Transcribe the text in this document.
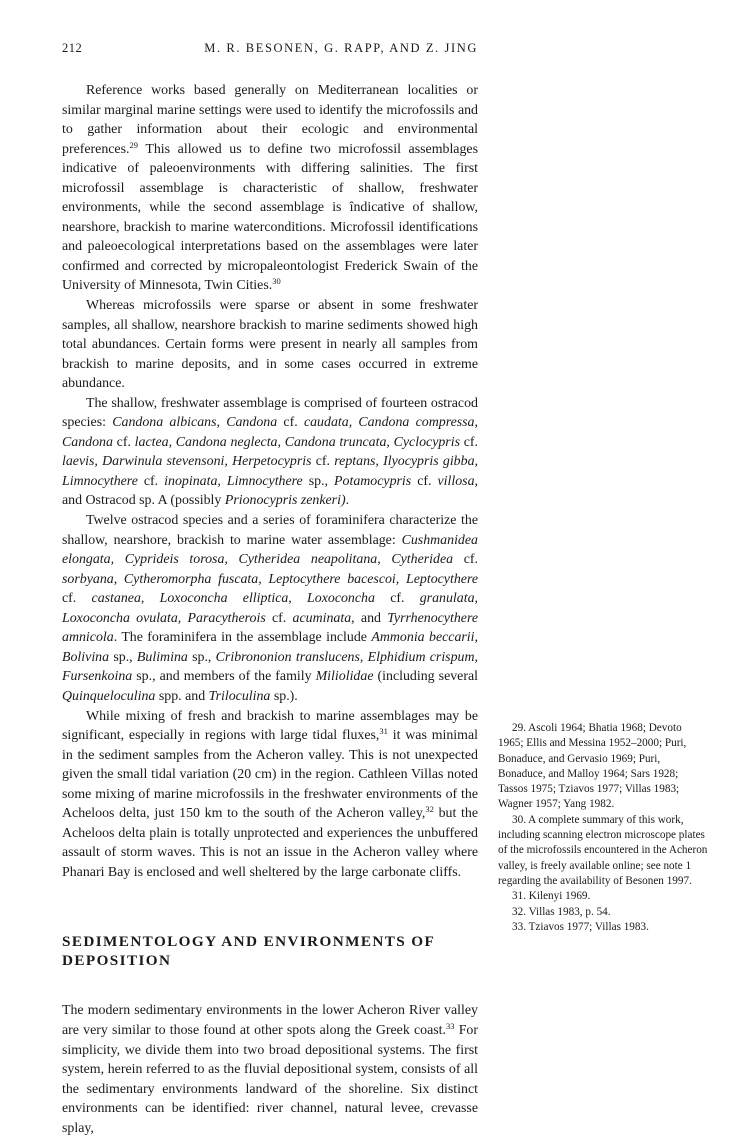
212	M. R. BESONEN, G. RAPP, AND Z. JING

Reference works based generally on Mediterranean localities or similar marginal marine settings were used to identify the microfossils and to gather information about their ecologic and environmental preferences.$^{29}$ This allowed us to define two microfossil assemblages indicative of paleoenvironments with differing salinities. The first microfossil assemblage is characteristic of shallow, freshwater environments, while the second assemblage is îndicative of shallow, nearshore, brackish to marine waterconditions. Microfossil identifications and paleoecological interpretations based on the assemblages were later confirmed and corrected by micropaleontologist Frederick Swain of the University of Minnesota, Twin Cities.$^{30}$

Whereas microfossils were sparse or absent in some freshwater samples, all shallow, nearshore brackish to marine sediments showed high total abundances. Certain forms were present in nearly all samples from brackish to marine deposits, and in some cases occurred in extreme abundance.

The shallow, freshwater assemblage is comprised of fourteen ostracod species: Candona albicans, Candona cf. caudata, Candona compressa, Candona cf. lactea, Candona neglecta, Candona truncata, Cyclocypris cf. laevis, Darwinula stevensoni, Herpetocypris cf. reptans, Ilyocypris gibba, Limnocythere cf. inopinata, Limnocythere sp., Potamocypris cf. villosa, and Ostracod sp. A (possibly Prionocypris zenkeri).

Twelve ostracod species and a series of foraminifera characterize the shallow, nearshore, brackish to marine water assemblage: Cushmanidea elongata, Cyprideis torosa, Cytheridea neapolitana, Cytheridea cf. sorbyana, Cytheromorpha fuscata, Leptocythere bacescoi, Leptocythere cf. castanea, Loxoconcha elliptica, Loxoconcha cf. granulata, Loxoconcha ovulata, Paracytherois cf. acuminata, and Tyrrhenocythere amnicola. The foraminifera in the assemblage include Ammonia beccarii, Bolivina sp., Bulimina sp., Cribrononion translucens, Elphidium crispum, Fursenkoina sp., and members of the family Miliolidae (including several Quinqueloculina spp. and Triloculina sp.).

While mixing of fresh and brackish to marine assemblages may be significant, especially in regions with large tidal fluxes,$^{31}$ it was minimal in the sediment samples from the Acheron valley. This is not unexpected given the small tidal variation (20 cm) in the region. Cathleen Villas noted some mixing of marine microfossils in the freshwater environments of the Acheloos delta, just 150 km to the south of the Acheron valley,$^{32}$ but the Acheloos delta plain is totally unprotected and experiences the unbuffered assault of storm waves. This is not an issue in the Acheron valley where Phanari Bay is enclosed and well sheltered by the large carbonate cliffs.

SEDIMENTOLOGY AND ENVIRONMENTS OF DEPOSITION

The modern sedimentary environments in the lower Acheron River valley are very similar to those found at other spots along the Greek coast.$^{33}$ For simplicity, we divide them into two broad depositional systems. The first system, herein referred to as the fluvial depositional system, consists of all the sedimentary environments landward of the shoreline. Six distinct environments can be identified: river channel, natural levee, crevasse splay,

29. Ascoli 1964; Bhatia 1968; Devoto 1965; Ellis and Messina 1952–2000; Puri, Bonaduce, and Gervasio 1969; Puri, Bonaduce, and Malloy 1964; Sars 1928; Tassos 1975; Tziavos 1977; Villas 1983; Wagner 1957; Yang 1982.

30. A complete summary of this work, including scanning electron microscope plates of the microfossils encountered in the Acheron valley, is freely available online; see note 1 regarding the availability of Besonen 1997.

31. Kilenyi 1969.

32. Villas 1983, p. 54.

33. Tziavos 1977; Villas 1983.
